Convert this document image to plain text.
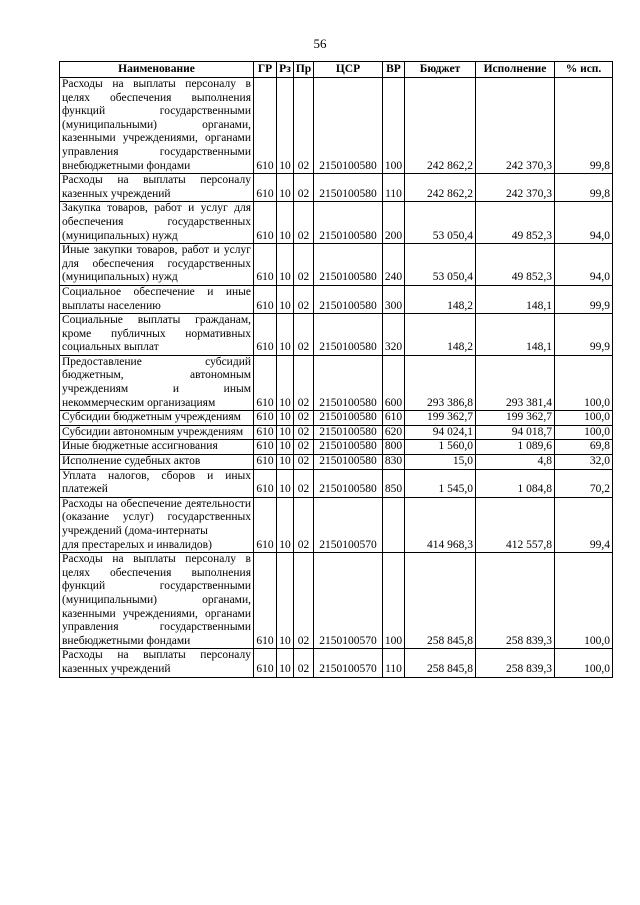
56
Наименование	ГР	Рз	Пр	ЦСР	ВР	Бюджет	Исполнение	% исп.
Расходы на выплаты персоналу в целях обеспечения выполнения функций государственными (муниципальными) органами, казенными учреждениями, органами управления государственными внебюджетными фондами	610	10	02	2150100580	100	242 862,2	242 370,3	99,8
Расходы на выплаты персоналу казенных учреждений	610	10	02	2150100580	110	242 862,2	242 370,3	99,8
Закупка товаров, работ и услуг для обеспечения государственных (муниципальных) нужд	610	10	02	2150100580	200	53 050,4	49 852,3	94,0
Иные закупки товаров, работ и услуг для обеспечения государственных (муниципальных) нужд	610	10	02	2150100580	240	53 050,4	49 852,3	94,0
Социальное обеспечение и иные выплаты населению	610	10	02	2150100580	300	148,2	148,1	99,9
Социальные выплаты гражданам, кроме публичных нормативных социальных выплат	610	10	02	2150100580	320	148,2	148,1	99,9
Предоставление субсидий бюджетным, автономным учреждениям и иным некоммерческим организациям	610	10	02	2150100580	600	293 386,8	293 381,4	100,0
Субсидии бюджетным учреждениям	610	10	02	2150100580	610	199 362,7	199 362,7	100,0
Субсидии автономным учреждениям	610	10	02	2150100580	620	94 024,1	94 018,7	100,0
Иные бюджетные ассигнования	610	10	02	2150100580	800	1 560,0	1 089,6	69,8
Исполнение судебных актов	610	10	02	2150100580	830	15,0	4,8	32,0
Уплата налогов, сборов и иных платежей	610	10	02	2150100580	850	1 545,0	1 084,8	70,2
Расходы на обеспечение деятельности (оказание услуг) государственных учреждений (дома-интернаты
для престарелых и инвалидов)	610	10	02	2150100570		414 968,3	412 557,8	99,4
Расходы на выплаты персоналу в целях обеспечения выполнения функций государственными (муниципальными) органами, казенными учреждениями, органами управления государственными внебюджетными фондами	610	10	02	2150100570	100	258 845,8	258 839,3	100,0
Расходы на выплаты персоналу казенных учреждений	610	10	02	2150100570	110	258 845,8	258 839,3	100,0
